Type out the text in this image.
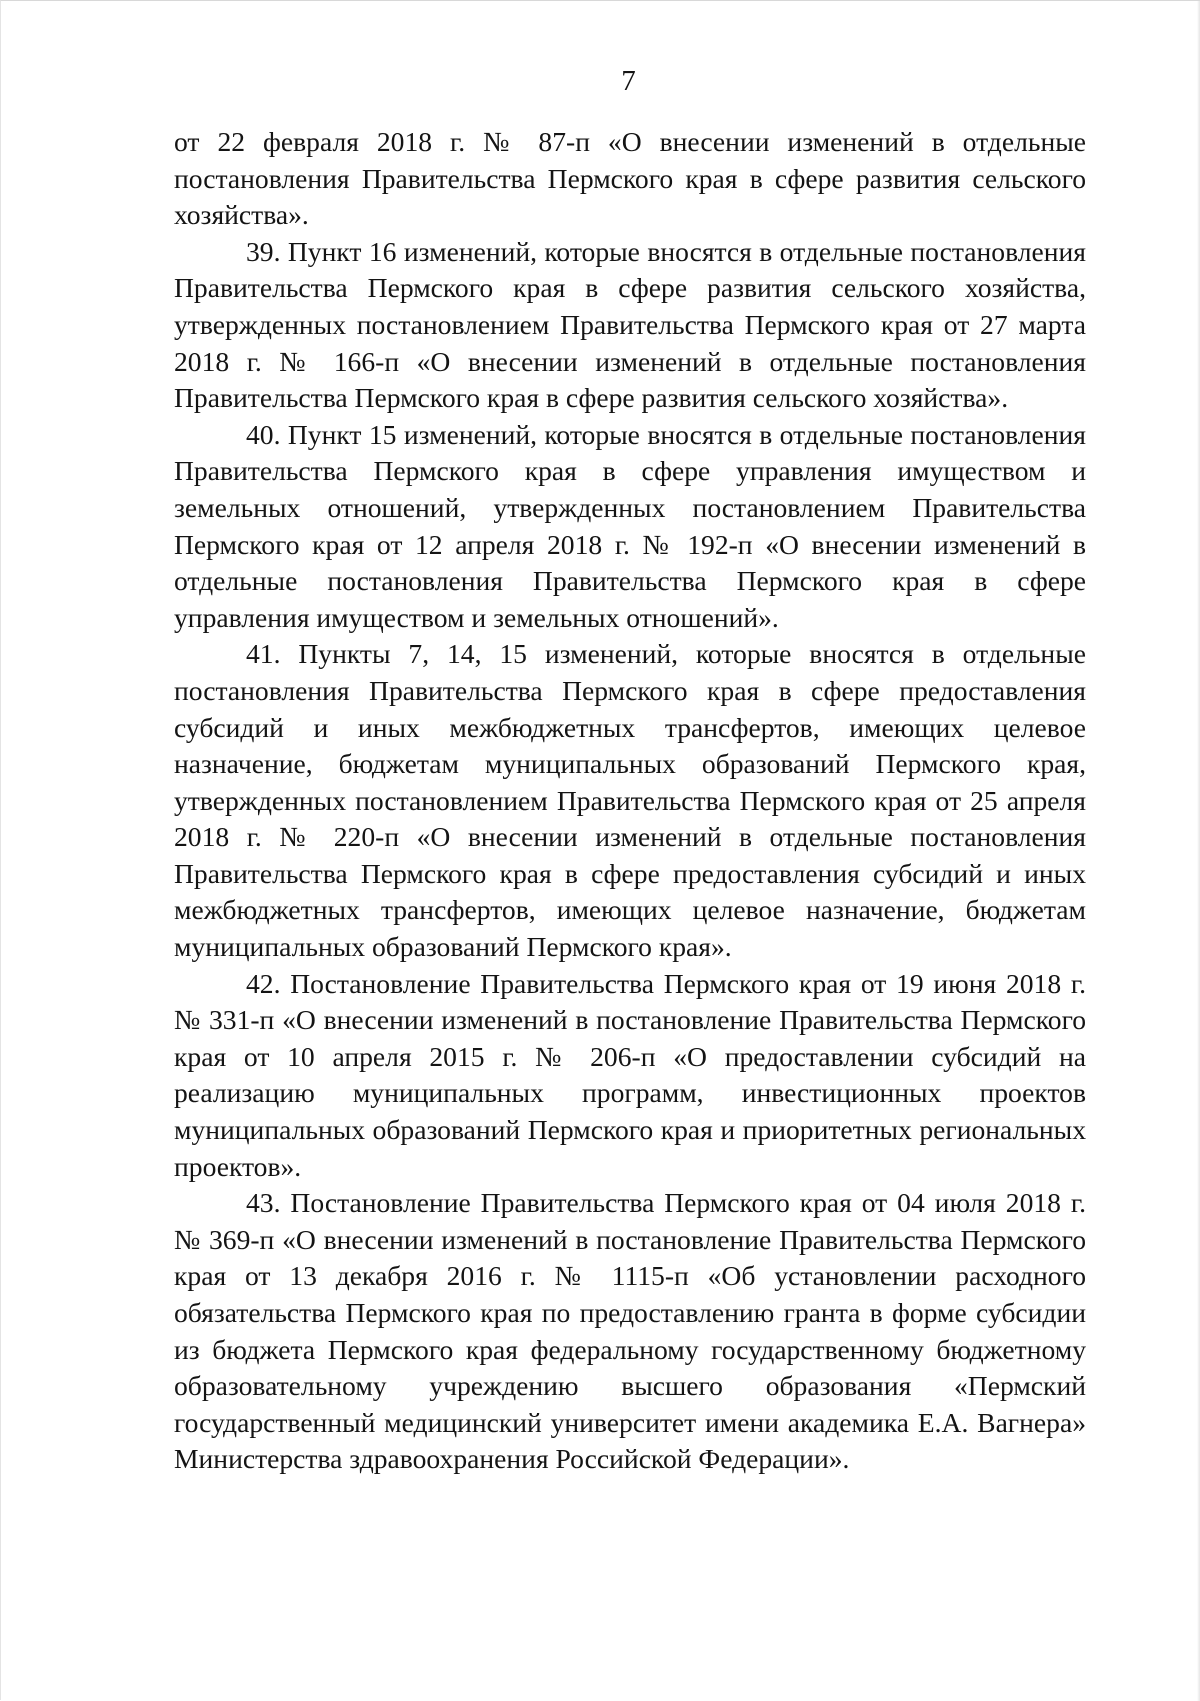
7

от 22 февраля 2018 г. № 87-п «О внесении изменений в отдельные постановления Правительства Пермского края в сфере развития сельского хозяйства».

39. Пункт 16 изменений, которые вносятся в отдельные постановления Правительства Пермского края в сфере развития сельского хозяйства, утвержденных постановлением Правительства Пермского края от 27 марта 2018 г. № 166-п «О внесении изменений в отдельные постановления Правительства Пермского края в сфере развития сельского хозяйства».

40. Пункт 15 изменений, которые вносятся в отдельные постановления Правительства Пермского края в сфере управления имуществом и земельных отношений, утвержденных постановлением Правительства Пермского края от 12 апреля 2018 г. № 192-п «О внесении изменений в отдельные постановления Правительства Пермского края в сфере управления имуществом и земельных отношений».

41. Пункты 7, 14, 15 изменений, которые вносятся в отдельные постановления Правительства Пермского края в сфере предоставления субсидий и иных межбюджетных трансфертов, имеющих целевое назначение, бюджетам муниципальных образований Пермского края, утвержденных постановлением Правительства Пермского края от 25 апреля 2018 г. № 220-п «О внесении изменений в отдельные постановления Правительства Пермского края в сфере предоставления субсидий и иных межбюджетных трансфертов, имеющих целевое назначение, бюджетам муниципальных образований Пермского края».

42. Постановление Правительства Пермского края от 19 июня 2018 г. № 331-п «О внесении изменений в постановление Правительства Пермского края от 10 апреля 2015 г. № 206-п «О предоставлении субсидий на реализацию муниципальных программ, инвестиционных проектов муниципальных образований Пермского края и приоритетных региональных проектов».

43. Постановление Правительства Пермского края от 04 июля 2018 г. № 369-п «О внесении изменений в постановление Правительства Пермского края от 13 декабря 2016 г. № 1115-п «Об установлении расходного обязательства Пермского края по предоставлению гранта в форме субсидии из бюджета Пермского края федеральному государственному бюджетному образовательному учреждению высшего образования «Пермский государственный медицинский университет имени академика Е.А. Вагнера» Министерства здравоохранения Российской Федерации».
